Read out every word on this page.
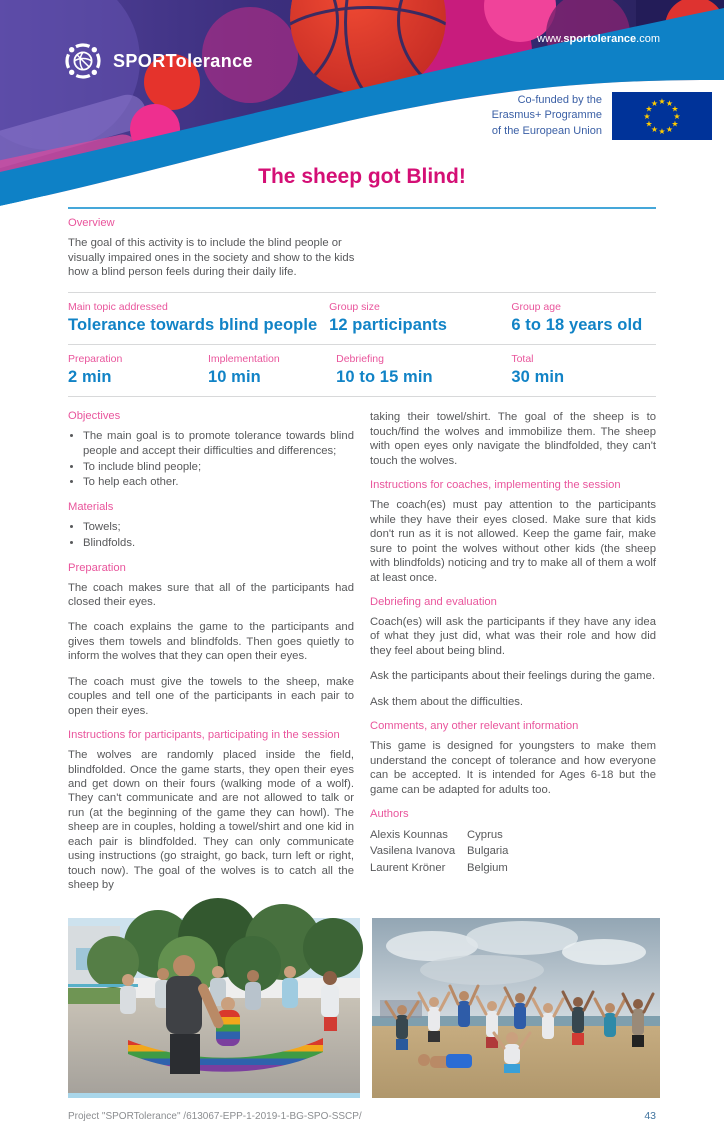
SPORTolerance
www.sportolerance.com
Co-funded by the
Erasmus+ Programme
of the European Union
★ ★
★
★
★
★
★
★
★
★
★
★
The sheep got Blind!
Overview

The goal of this activity is to include the blind people or visually impaired ones in the society and show to the kids how a blind person feels during their daily life.

Main topic addressed
Tolerance towards blind people
Group size
12 participants
Group age
6 to 18 years old
Preparation
2 min
Implementation
10 min
Debriefing
10 to 15 min
Total
30 min
Objectives
• The main goal is to promote tolerance towards blind people and accept their difficulties and differences;
• To include blind people;
• To help each other.
Materials
• Towels;
• Blindfolds.
Preparation

The coach makes sure that all of the participants had closed their eyes.

The coach explains the game to the participants and gives them towels and blindfolds. Then goes quietly to inform the wolves that they can open their eyes.

The coach must give the towels to the sheep, make couples and tell one of the participants in each pair to open their eyes.

Instructions for participants, participating in the session

The wolves are randomly placed inside the field, blindfolded. Once the game starts, they open their eyes and get down on their fours (walking mode of a wolf). They can't communicate and are not allowed to talk or run (at the beginning of the game they can howl). The sheep are in couples, holding a towel/shirt and one kid in each pair is blindfolded. They can only communicate using instructions (go straight, go back, turn left or right, touch now). The goal of the wolves is to catch all the sheep by

taking their towel/shirt. The goal of the sheep is to touch/find the wolves and immobilize them. The sheep with open eyes only navigate the blindfolded, they can't touch the wolves.

Instructions for coaches, implementing the session

The coach(es) must pay attention to the participants while they have their eyes closed. Make sure that kids don't run as it is not allowed. Keep the game fair, make sure to point the wolves without other kids (the sheep with blindfolds) noticing and try to make all of them a wolf at least once.

Debriefing and evaluation

Coach(es) will ask the participants if they have any idea of what they just did, what was their role and how did they feel about being blind.

Ask the participants about their feelings during the game.

Ask them about the difficulties.

Comments, any other relevant information

This game is designed for youngsters to make them understand the concept of tolerance and how everyone can be accepted. It is intended for Ages 6-18 but the game can be adapted for adults too.

Authors
Alexis Kounnas	Cyprus
Vasilena Ivanova	Bulgaria
Laurent Kröner	Belgium
Project "SPORTolerance" /613067-EPP-1-2019-1-BG-SPO-SSCP/	43
